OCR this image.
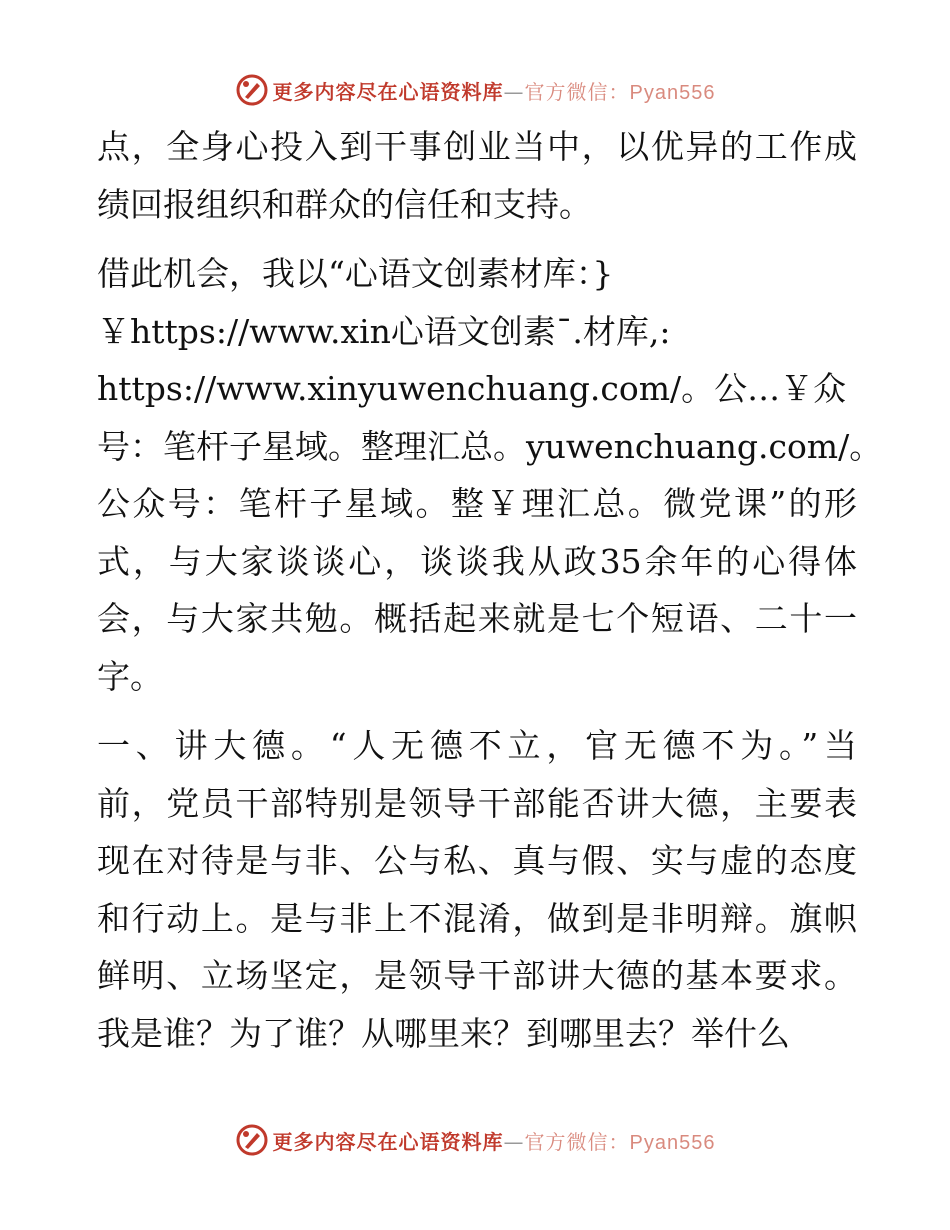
更多内容尽在心语资料库—官方微信：Pyan556
点，全身心投入到干事创业当中，以优异的工作成
绩回报组织和群众的信任和支持。
借此机会，我以“心语文创素材库：}
￥https://www.xin心语文创素¯.材库,:
https://www.xinyuwenchuang.com/。公…￥众
号：笔杆子星域。整理汇总。yuwenchuang.com/。
公众号：笔杆子星域。整￥理汇总。微党课”的形
式，与大家谈谈心，谈谈我从政35余年的心得体
会，与大家共勉。概括起来就是七个短语、二十一
字。
一、讲大德。“人无德不立，官无德不为。”当
前，党员干部特别是领导干部能否讲大德，主要表
现在对待是与非、公与私、真与假、实与虚的态度
和行动上。是与非上不混淆，做到是非明辩。旗帜
鲜明、立场坚定，是领导干部讲大德的基本要求。
我是谁？为了谁？从哪里来？到哪里去？举什么
更多内容尽在心语资料库—官方微信：Pyan556
